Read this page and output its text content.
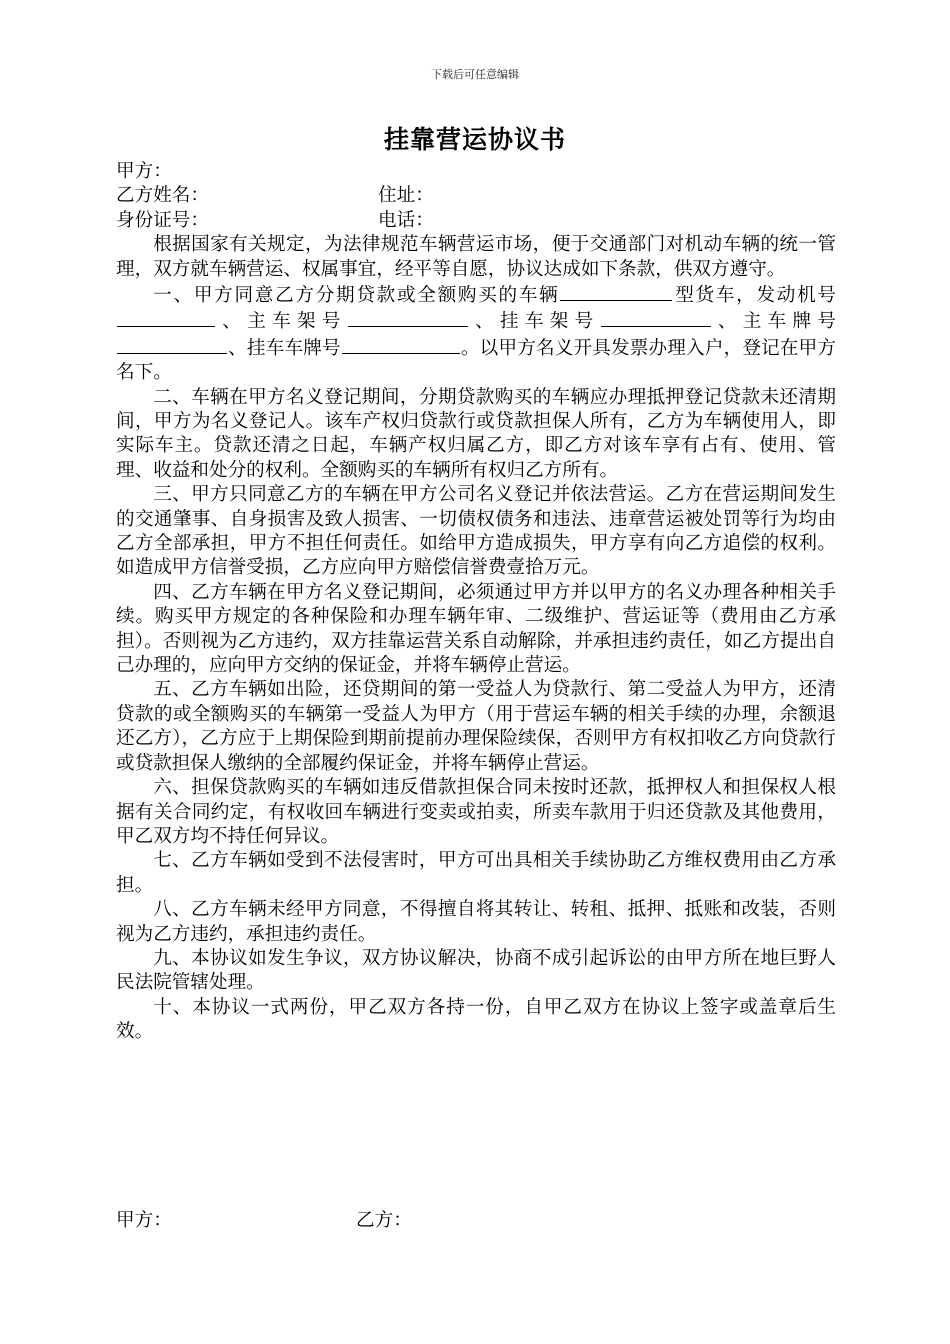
下载后可任意编辑
挂靠营运协议书
甲方：
乙方姓名：	住址：
身份证号：	电话：

根据国家有关规定，为法律规范车辆营运市场，便于交通部门对机动车辆的统一管理，双方就车辆营运、权属事宜，经平等自愿，协议达成如下条款，供双方遵守。

一、甲方同意乙方分期贷款或全额购买的车辆	型货车，发动机号、主车架号	、挂车架号	、主车牌号、挂车车牌号	。以甲方名义开具发票办理入户，登记在甲方名下。

二、车辆在甲方名义登记期间，分期贷款购买的车辆应办理抵押登记贷款未还清期间，甲方为名义登记人。该车产权归贷款行或贷款担保人所有，乙方为车辆使用人，即实际车主。贷款还清之日起，车辆产权归属乙方，即乙方对该车享有占有、使用、管理、收益和处分的权利。全额购买的车辆所有权归乙方所有。

三、甲方只同意乙方的车辆在甲方公司名义登记并依法营运。乙方在营运期间发生的交通肇事、自身损害及致人损害、一切债权债务和违法、违章营运被处罚等行为均由乙方全部承担，甲方不担任何责任。如给甲方造成损失，甲方享有向乙方追偿的权利。如造成甲方信誉受损，乙方应向甲方赔偿信誉费壹拾万元。

四、乙方车辆在甲方名义登记期间，必须通过甲方并以甲方的名义办理各种相关手续。购买甲方规定的各种保险和办理车辆年审、二级维护、营运证等（费用由乙方承担）。否则视为乙方违约，双方挂靠运营关系自动解除，并承担违约责任，如乙方提出自己办理的，应向甲方交纳的保证金，并将车辆停止营运。

五、乙方车辆如出险，还贷期间的第一受益人为贷款行、第二受益人为甲方，还清贷款的或全额购买的车辆第一受益人为甲方（用于营运车辆的相关手续的办理，余额退还乙方），乙方应于上期保险到期前提前办理保险续保，否则甲方有权扣收乙方向贷款行或贷款担保人缴纳的全部履约保证金，并将车辆停止营运。

六、担保贷款购买的车辆如违反借款担保合同未按时还款，抵押权人和担保权人根据有关合同约定，有权收回车辆进行变卖或拍卖，所卖车款用于归还贷款及其他费用，甲乙双方均不持任何异议。

七、乙方车辆如受到不法侵害时，甲方可出具相关手续协助乙方维权费用由乙方承担。

八、乙方车辆未经甲方同意，不得擅自将其转让、转租、抵押、抵账和改装，否则视为乙方违约，承担违约责任。

九、本协议如发生争议，双方协议解决，协商不成引起诉讼的由甲方所在地巨野人民法院管辖处理。

十、本协议一式两份，甲乙双方各持一份，自甲乙双方在协议上签字或盖章后生效。

甲方：	乙方：
